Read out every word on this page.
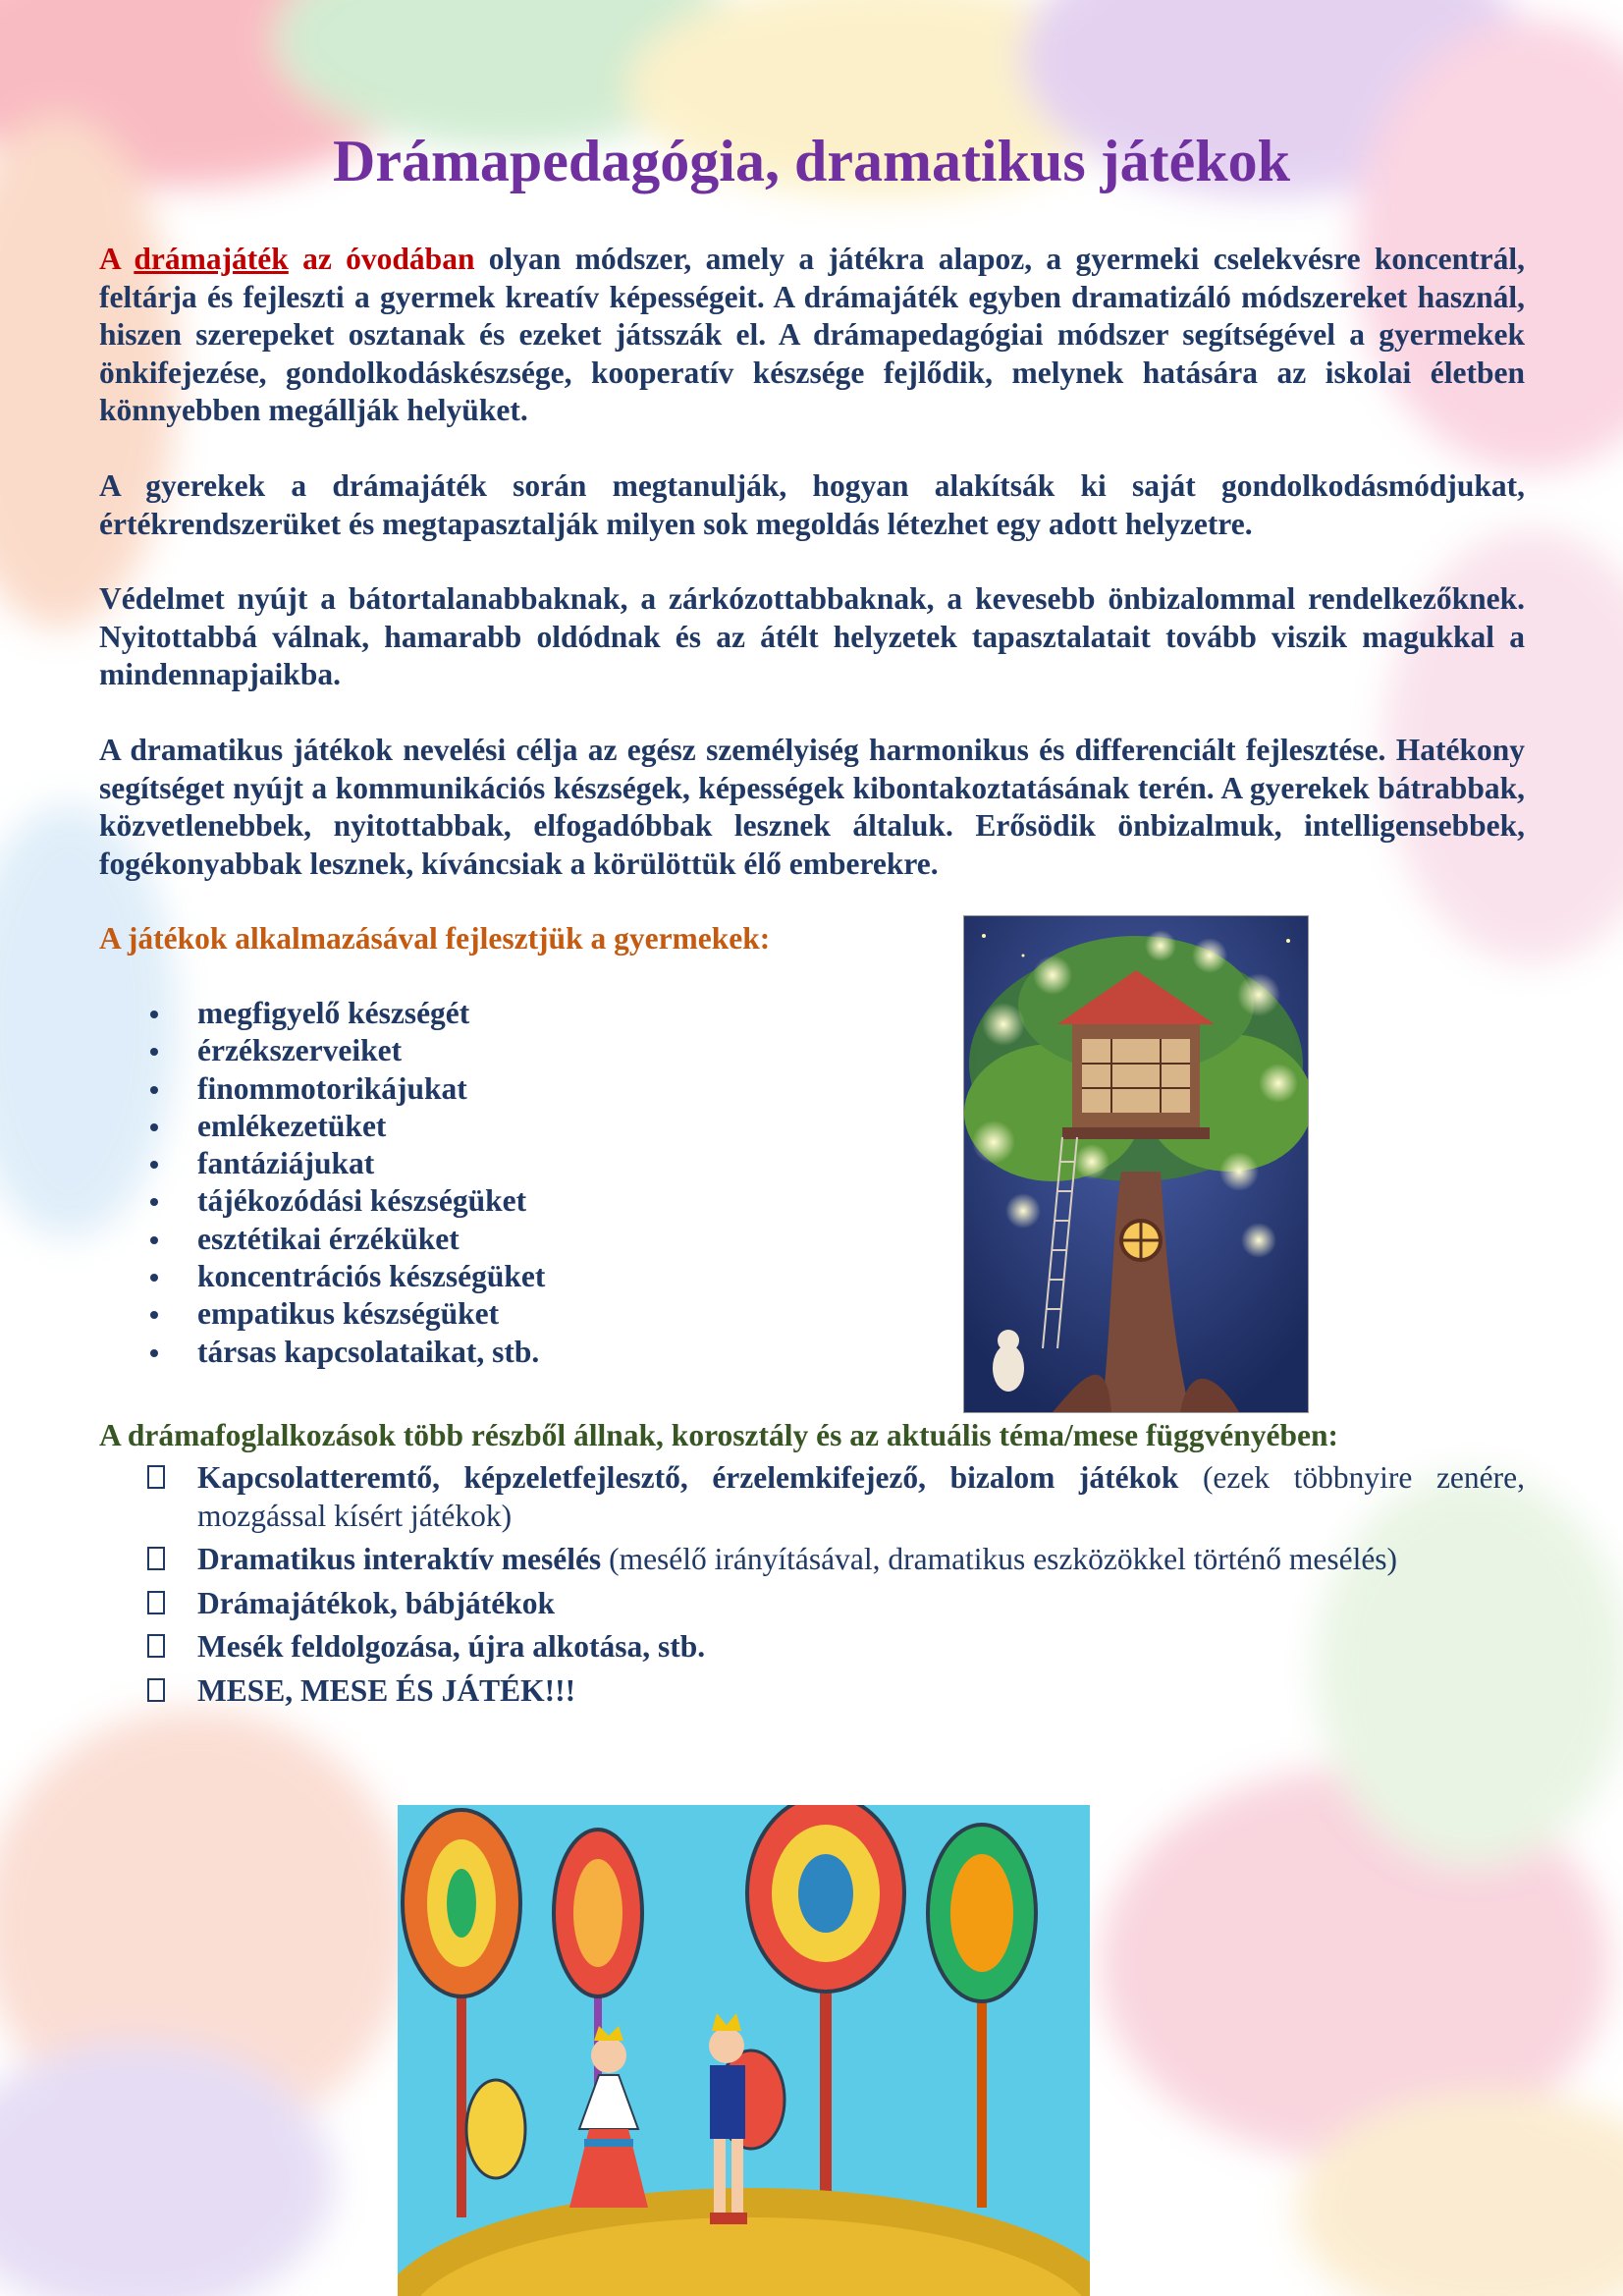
Drámapedagógia, dramatikus játékok

A drámajáték az óvodában olyan módszer, amely a játékra alapoz, a gyermeki cselekvésre koncentrál, feltárja és fejleszti a gyermek kreatív képességeit. A drámajáték egyben dramatizáló módszereket használ, hiszen szerepeket osztanak és ezeket játsszák el. A drámapedagógiai módszer segítségével a gyermekek önkifejezése, gondolkodáskészsége, kooperatív készsége fejlődik, melynek hatására az iskolai életben könnyebben megállják helyüket.

A gyerekek a drámajáték során megtanulják, hogyan alakítsák ki saját gondolkodásmódjukat, értékrendszerüket és megtapasztalják milyen sok megoldás létezhet egy adott helyzetre.

Védelmet nyújt a bátortalanabbaknak, a zárkózottabbaknak, a kevesebb önbizalommal rendelkezőknek. Nyitottabbá válnak, hamarabb oldódnak és az átélt helyzetek tapasztalatait tovább viszik magukkal a mindennapjaikba.

A dramatikus játékok nevelési célja az egész személyiség harmonikus és differenciált fejlesztése. Hatékony segítséget nyújt a kommunikációs készségek, képességek kibontakoztatásának terén. A gyerekek bátrabbak, közvetlenebbek, nyitottabbak, elfogadóbbak lesznek általuk. Erősödik önbizalmuk, intelligensebbek, fogékonyabbak lesznek, kíváncsiak a körülöttük élő emberekre.

A játékok alkalmazásával fejlesztjük a gyermekek:

megfigyelő készségét
érzékszerveiket
finommotorikájukat
emlékezetüket
fantáziájukat
tájékozódási készségüket
esztétikai érzéküket
koncentrációs készségüket
empatikus készségüket
társas kapcsolataikat, stb.

A drámafoglalkozások több részből állnak, korosztály és az aktuális téma/mese függvényében:

Kapcsolatteremtő, képzeletfejlesztő, érzelemkifejező, bizalom játékok (ezek többnyire zenére, mozgással kísért játékok)
Dramatikus interaktív mesélés (mesélő irányításával, dramatikus eszközökkel történő mesélés)
Drámajátékok, bábjátékok
Mesék feldolgozása, újra alkotása, stb.
MESE, MESE ÉS JÁTÉK!!!
